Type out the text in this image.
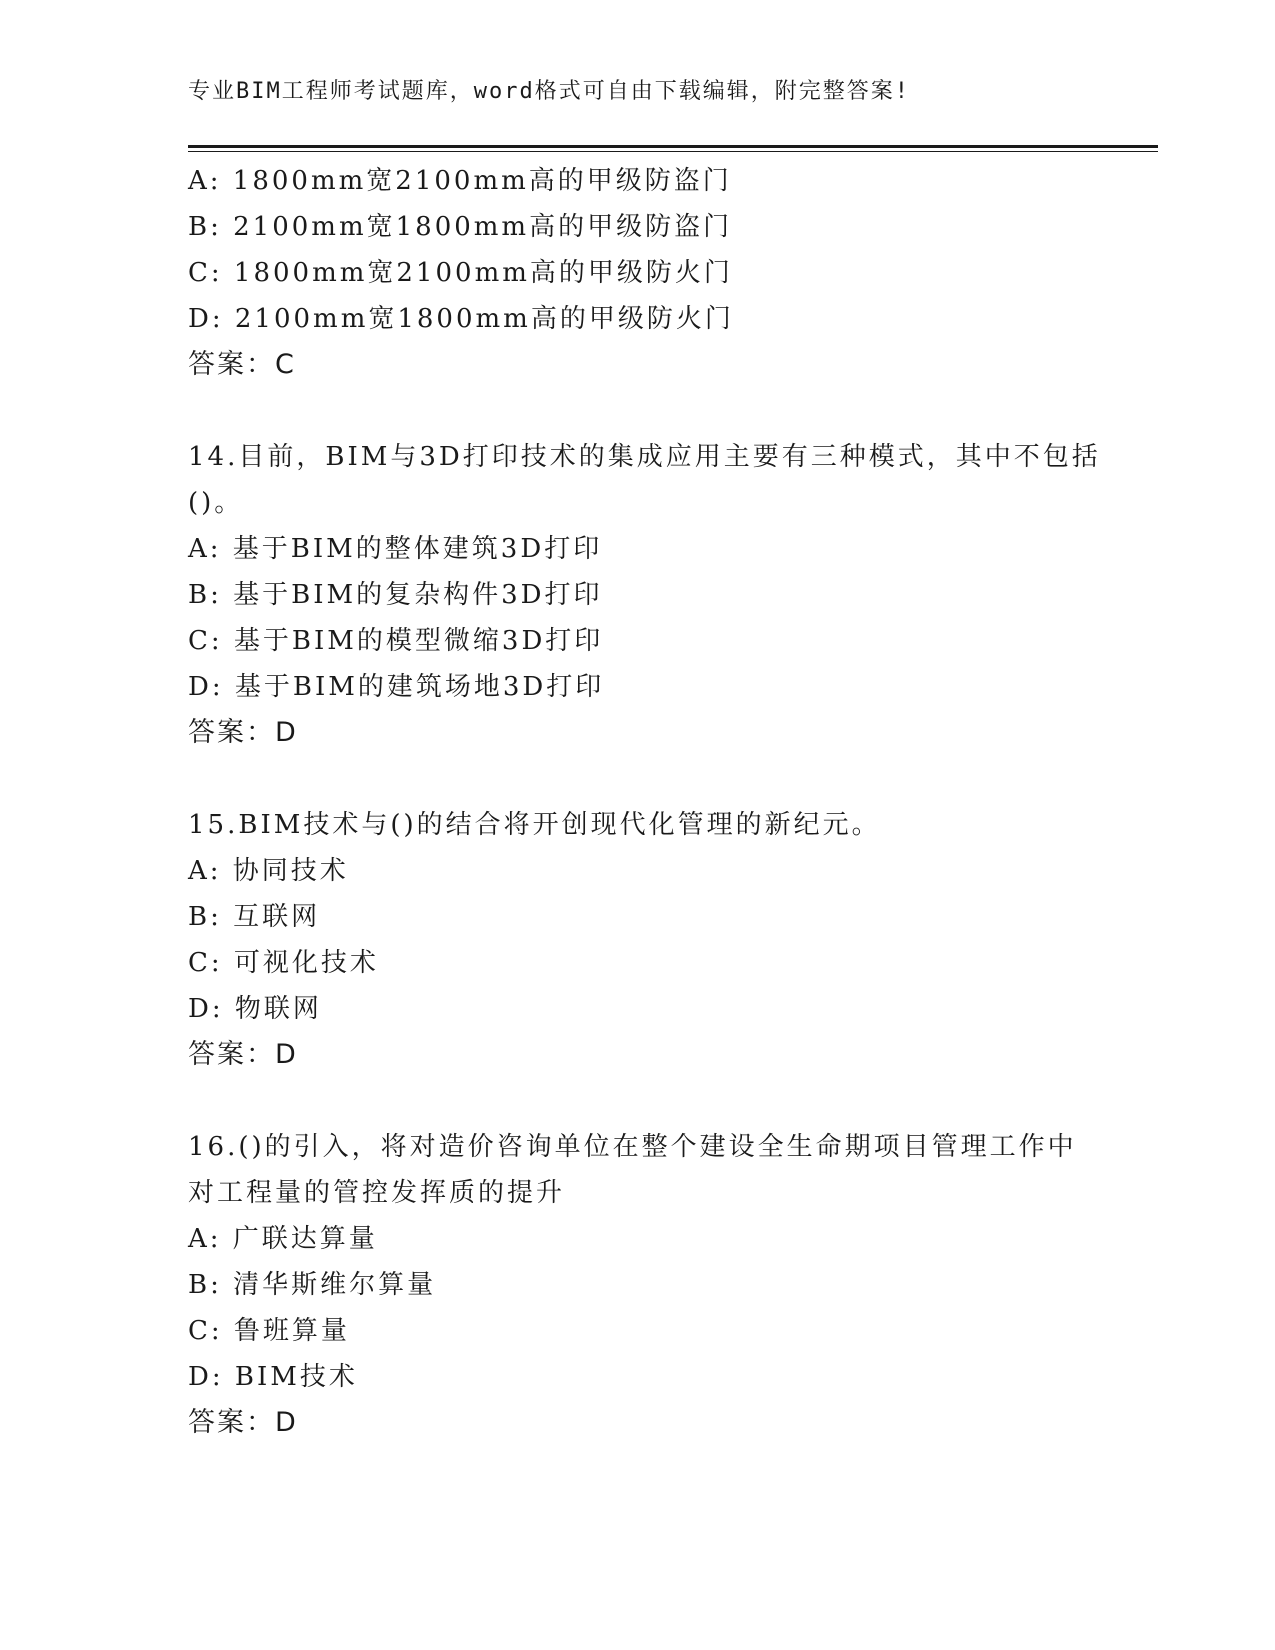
专业BIM工程师考试题库，word格式可自由下载编辑，附完整答案!
A: 1800mm宽2100mm高的甲级防盗门
B: 2100mm宽1800mm高的甲级防盗门
C: 1800mm宽2100mm高的甲级防火门
D: 2100mm宽1800mm高的甲级防火门
答案：C
14.目前，BIM与3D打印技术的集成应用主要有三种模式，其中不包括
()。
A: 基于BIM的整体建筑3D打印
B: 基于BIM的复杂构件3D打印
C: 基于BIM的模型微缩3D打印
D: 基于BIM的建筑场地3D打印
答案：D
15.BIM技术与()的结合将开创现代化管理的新纪元。
A: 协同技术
B: 互联网
C: 可视化技术
D: 物联网
答案：D
16.()的引入，将对造价咨询单位在整个建设全生命期项目管理工作中
对工程量的管控发挥质的提升
A: 广联达算量
B: 清华斯维尔算量
C: 鲁班算量
D: BIM技术
答案：D
